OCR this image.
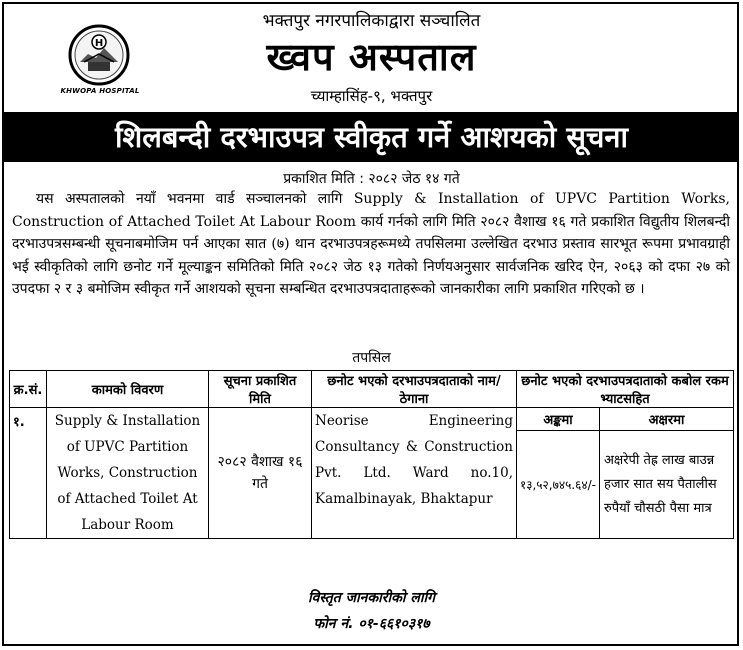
H
KHWOPA HOSPITAL
भक्तपुर नगरपालिकाद्वारा सञ्चालित
ख्वप अस्पताल
च्याम्हासिंह-९, भक्तपुर
शिलबन्दी दरभाउपत्र स्वीकृत गर्ने आशयको सूचना
प्रकाशित मिति : २०८२ जेठ १४ गते
यस अस्पतालको नयाँ भवनमा वार्ड सञ्चालनको लागि Supply & Installation of UPVC Partition Works, Construction of Attached Toilet At Labour Room कार्य गर्नको लागि मिति २०८२ वैशाख १६ गते प्रकाशित विद्युतीय शिलबन्दी दरभाउपत्रसम्बन्धी सूचनाबमोजिम पर्न आएका सात (७) थान दरभाउपत्रहरूमध्ये तपसिलमा उल्लेखित दरभाउ प्रस्ताव सारभूत रूपमा प्रभावग्राही भई स्वीकृतिको लागि छनोट गर्ने मूल्याङ्कन समितिको मिति २०८२ जेठ १३ गतेको निर्णयअनुसार सार्वजनिक खरिद ऐन, २०६३ को दफा २७ को उपदफा २ र ३ बमोजिम स्वीकृत गर्ने आशयको सूचना सम्बन्धित दरभाउपत्रदाताहरूको जानकारीका लागि प्रकाशित गरिएको छ ।
तपसिल
क्र.सं.	कामको विवरण	सूचना प्रकाशित मिति	छनोट भएको दरभाउपत्रदाताको नाम/ठेगाना	छनोट भएको दरभाउपत्रदाताको कबोल रकम भ्याटसहित	

१.	Supply & Installation of UPVC Partition Works, Construction of Attached Toilet At Labour Room	२०८२ वैशाख १६ गते	Neorise Engineering Consultancy & Construction Pvt. Ltd. Ward no.10, Kamalbinayak, Bhaktapur	अङ्कमा	अक्षरमा
				१३,५२,७४५.६४/-	अक्षरेपी तेह्र लाख बाउन्न हजार सात सय पैतालीस रुपैयाँ चौसठी पैसा मात्र
विस्तृत जानकारीको लागि
फोन नं. ०१-६६१०३१७
